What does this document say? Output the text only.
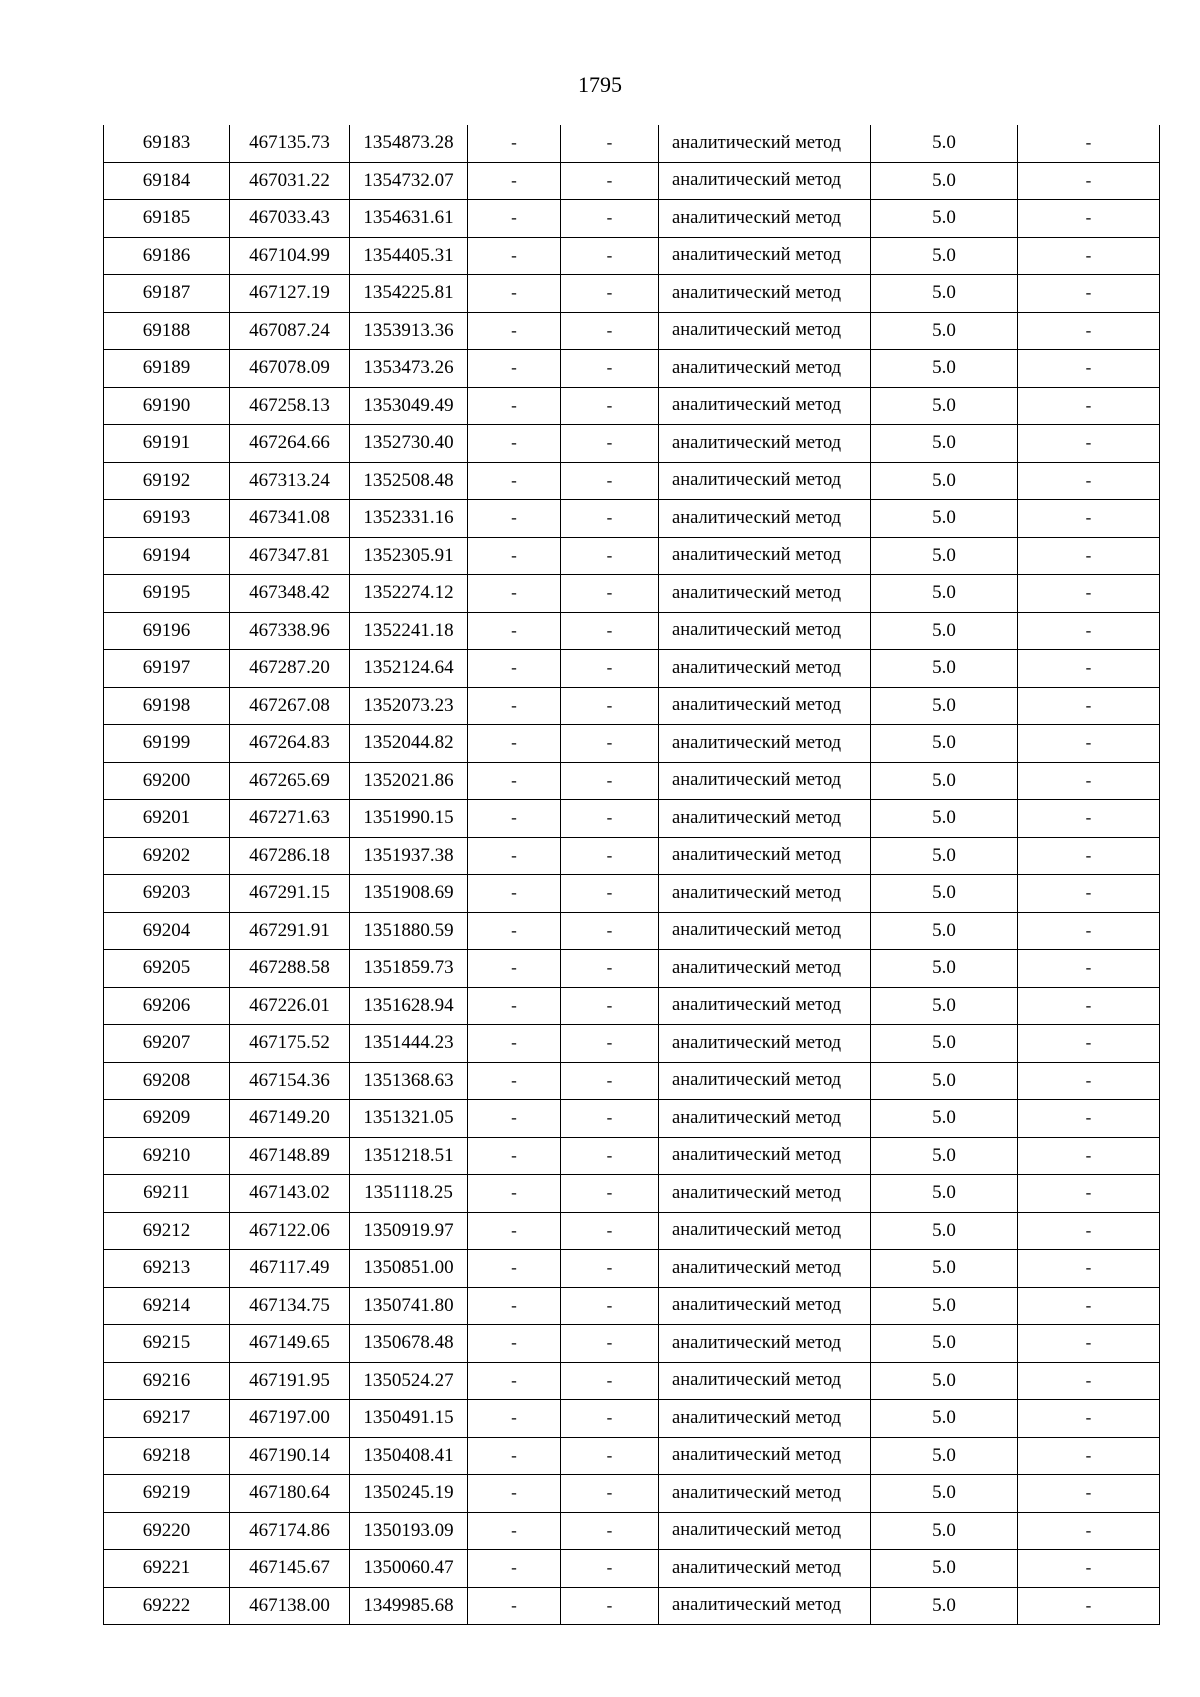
1795
69183	467135.73	1354873.28	-	-	аналитический метод	5.0	-
69184	467031.22	1354732.07	-	-	аналитический метод	5.0	-
69185	467033.43	1354631.61	-	-	аналитический метод	5.0	-
69186	467104.99	1354405.31	-	-	аналитический метод	5.0	-
69187	467127.19	1354225.81	-	-	аналитический метод	5.0	-
69188	467087.24	1353913.36	-	-	аналитический метод	5.0	-
69189	467078.09	1353473.26	-	-	аналитический метод	5.0	-
69190	467258.13	1353049.49	-	-	аналитический метод	5.0	-
69191	467264.66	1352730.40	-	-	аналитический метод	5.0	-
69192	467313.24	1352508.48	-	-	аналитический метод	5.0	-
69193	467341.08	1352331.16	-	-	аналитический метод	5.0	-
69194	467347.81	1352305.91	-	-	аналитический метод	5.0	-
69195	467348.42	1352274.12	-	-	аналитический метод	5.0	-
69196	467338.96	1352241.18	-	-	аналитический метод	5.0	-
69197	467287.20	1352124.64	-	-	аналитический метод	5.0	-
69198	467267.08	1352073.23	-	-	аналитический метод	5.0	-
69199	467264.83	1352044.82	-	-	аналитический метод	5.0	-
69200	467265.69	1352021.86	-	-	аналитический метод	5.0	-
69201	467271.63	1351990.15	-	-	аналитический метод	5.0	-
69202	467286.18	1351937.38	-	-	аналитический метод	5.0	-
69203	467291.15	1351908.69	-	-	аналитический метод	5.0	-
69204	467291.91	1351880.59	-	-	аналитический метод	5.0	-
69205	467288.58	1351859.73	-	-	аналитический метод	5.0	-
69206	467226.01	1351628.94	-	-	аналитический метод	5.0	-
69207	467175.52	1351444.23	-	-	аналитический метод	5.0	-
69208	467154.36	1351368.63	-	-	аналитический метод	5.0	-
69209	467149.20	1351321.05	-	-	аналитический метод	5.0	-
69210	467148.89	1351218.51	-	-	аналитический метод	5.0	-
69211	467143.02	1351118.25	-	-	аналитический метод	5.0	-
69212	467122.06	1350919.97	-	-	аналитический метод	5.0	-
69213	467117.49	1350851.00	-	-	аналитический метод	5.0	-
69214	467134.75	1350741.80	-	-	аналитический метод	5.0	-
69215	467149.65	1350678.48	-	-	аналитический метод	5.0	-
69216	467191.95	1350524.27	-	-	аналитический метод	5.0	-
69217	467197.00	1350491.15	-	-	аналитический метод	5.0	-
69218	467190.14	1350408.41	-	-	аналитический метод	5.0	-
69219	467180.64	1350245.19	-	-	аналитический метод	5.0	-
69220	467174.86	1350193.09	-	-	аналитический метод	5.0	-
69221	467145.67	1350060.47	-	-	аналитический метод	5.0	-
69222	467138.00	1349985.68	-	-	аналитический метод	5.0	-
